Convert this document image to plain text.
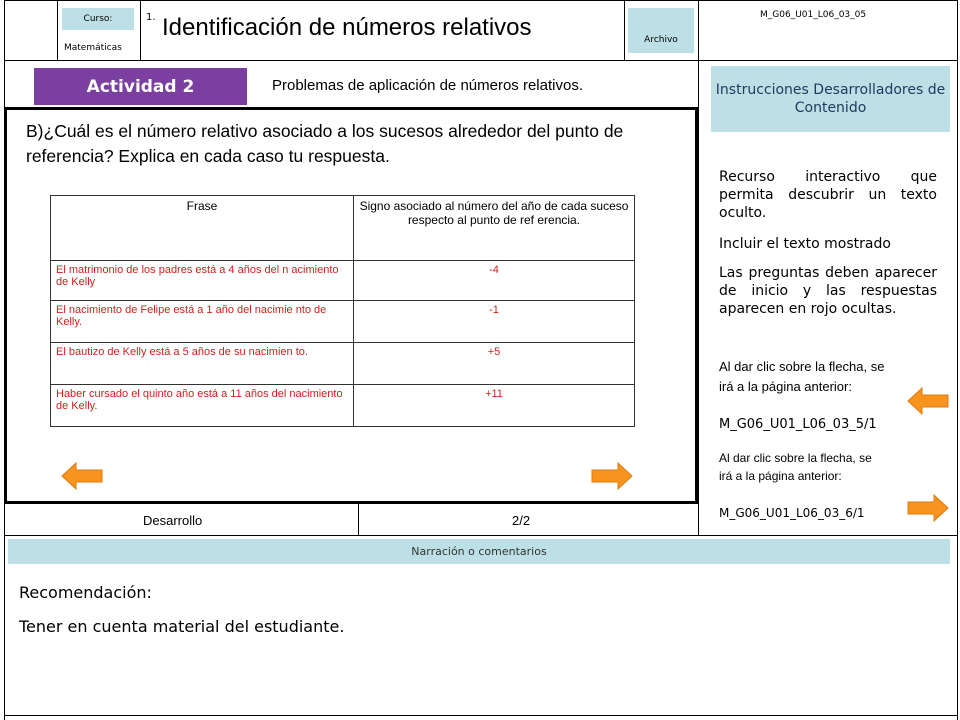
Curso:
Matemáticas
1. Identificación de números relativos	Archivo
M_G06_U01_L06_03_05
Actividad 2	Problemas de aplicación de números relativos.	Instrucciones Desarrolladores de Contenido
B)¿Cuál es el número relativo asociado a los sucesos alrededor del punto de referencia? Explica en cada caso tu respuesta.
Frase	Signo asociado al número del año de cada suceso respecto al punto de ref erencia.
El matrimonio de los padres está a 4 años del n acimiento de Kelly	-4
El nacimiento de Felipe está a 1 año del nacimie nto de Kelly.	-1
El bautizo de Kelly está a 5 años de su nacimien to.	+5
Haber cursado el quinto año está a 11 años del nacimiento de Kelly.	+11
Recurso interactivo que permita descubrir un texto oculto.
Incluir el texto mostrado
Las preguntas deben aparecer de inicio y las respuestas aparecen en rojo ocultas.
Al dar clic sobre la flecha, se
irá a la página anterior:
M_G06_U01_L06_03_5/1
Al dar clic sobre la flecha, se
irá a la página anterior:
M_G06_U01_L06_03_6/1
Desarrollo	2/2
Narración o comentarios
Recomendación:
Tener en cuenta material del estudiante.
